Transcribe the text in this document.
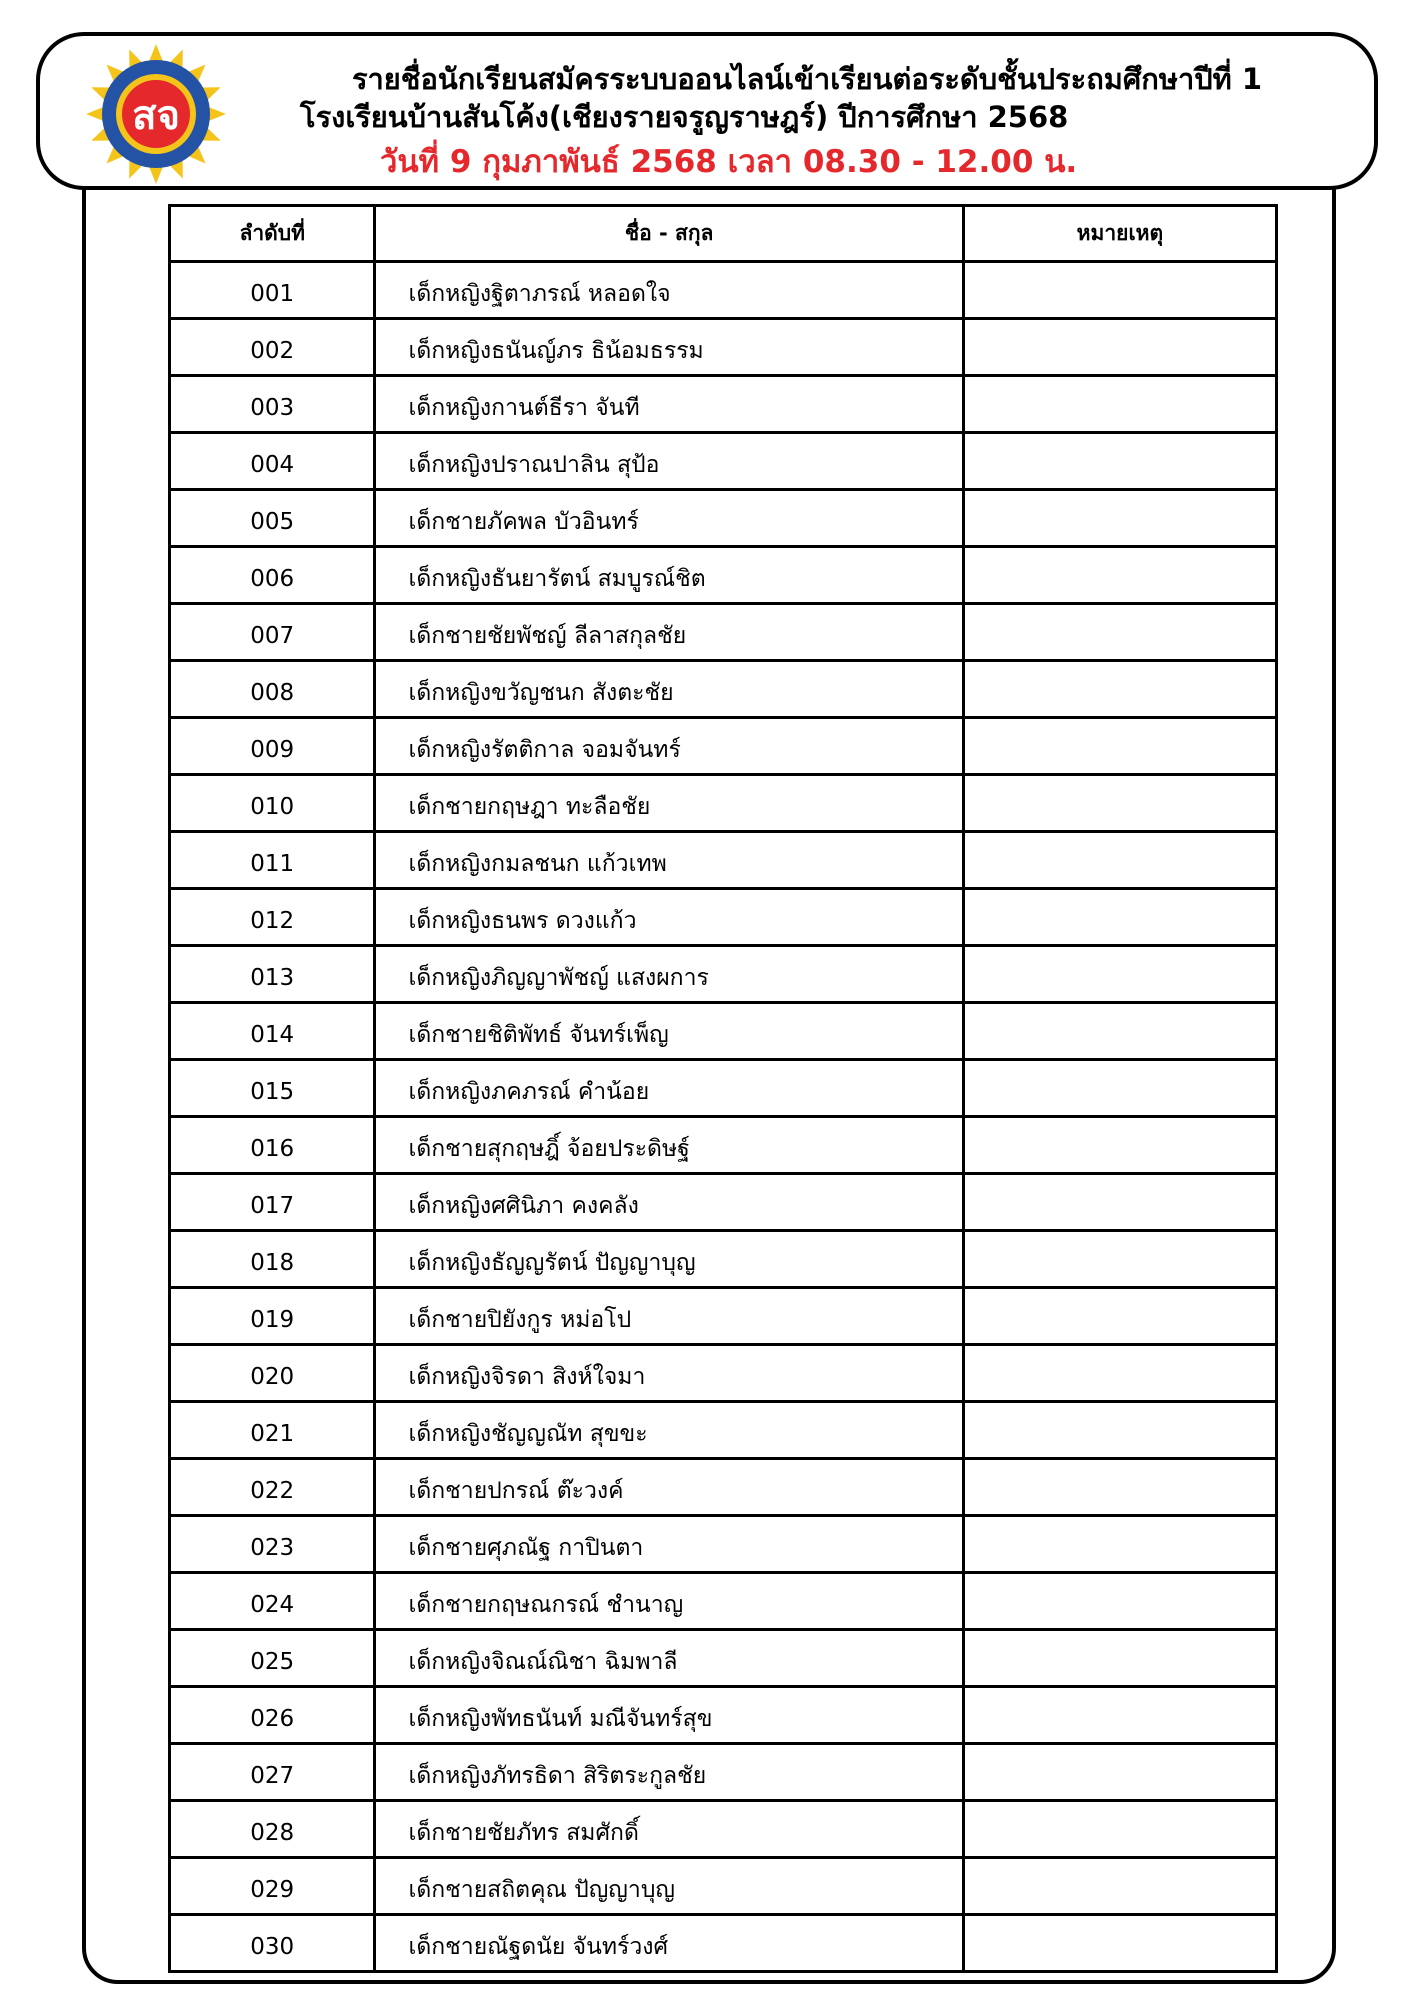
สจ
รายชื่อนักเรียนสมัครระบบออนไลน์เข้าเรียนต่อระดับชั้นประถมศึกษาปีที่ 1
โรงเรียนบ้านสันโค้ง(เชียงรายจรูญราษฎร์) ปีการศึกษา 2568
วันที่ 9 กุมภาพันธ์ 2568 เวลา 08.30 - 12.00 น.
ลำดับที่	ชื่อ - สกุล	หมายเหตุ
001	เด็กหญิงฐิตาภรณ์ หลอดใจ	
002	เด็กหญิงธนันญ์ภร ธิน้อมธรรม	
003	เด็กหญิงกานต์ธีรา จันที	
004	เด็กหญิงปราณปาลิน สุป้อ	
005	เด็กชายภัคพล บัวอินทร์	
006	เด็กหญิงธันยารัตน์ สมบูรณ์ชิต	
007	เด็กชายชัยพัชญ์ ลีลาสกุลชัย	
008	เด็กหญิงขวัญชนก สังตะชัย	
009	เด็กหญิงรัตติกาล จอมจันทร์	
010	เด็กชายกฤษฎา ทะลือชัย	
011	เด็กหญิงกมลชนก แก้วเทพ	
012	เด็กหญิงธนพร ดวงแก้ว	
013	เด็กหญิงภิญญาพัชญ์ แสงผการ	
014	เด็กชายชิติพัทธ์ จันทร์เพ็ญ	
015	เด็กหญิงภคภรณ์ คำน้อย	
016	เด็กชายสุกฤษฎิ์ จ้อยประดิษฐ์	
017	เด็กหญิงศศินิภา คงคลัง	
018	เด็กหญิงธัญญรัตน์ ปัญญาบุญ	
019	เด็กชายปิยังกูร หม่อโป	
020	เด็กหญิงจิรดา สิงห์ใจมา	
021	เด็กหญิงชัญญณัท สุขขะ	
022	เด็กชายปกรณ์ ต๊ะวงค์	
023	เด็กชายศุภณัฐ กาปินตา	
024	เด็กชายกฤษณกรณ์ ชำนาญ	
025	เด็กหญิงจิณณ์ณิชา ฉิมพาลี	
026	เด็กหญิงพัทธนันท์ มณีจันทร์สุข	
027	เด็กหญิงภัทรธิดา สิริตระกูลชัย	
028	เด็กชายชัยภัทร สมศักดิ์	
029	เด็กชายสถิตคุณ ปัญญาบุญ	
030	เด็กชายณัฐดนัย จันทร์วงศ์	
